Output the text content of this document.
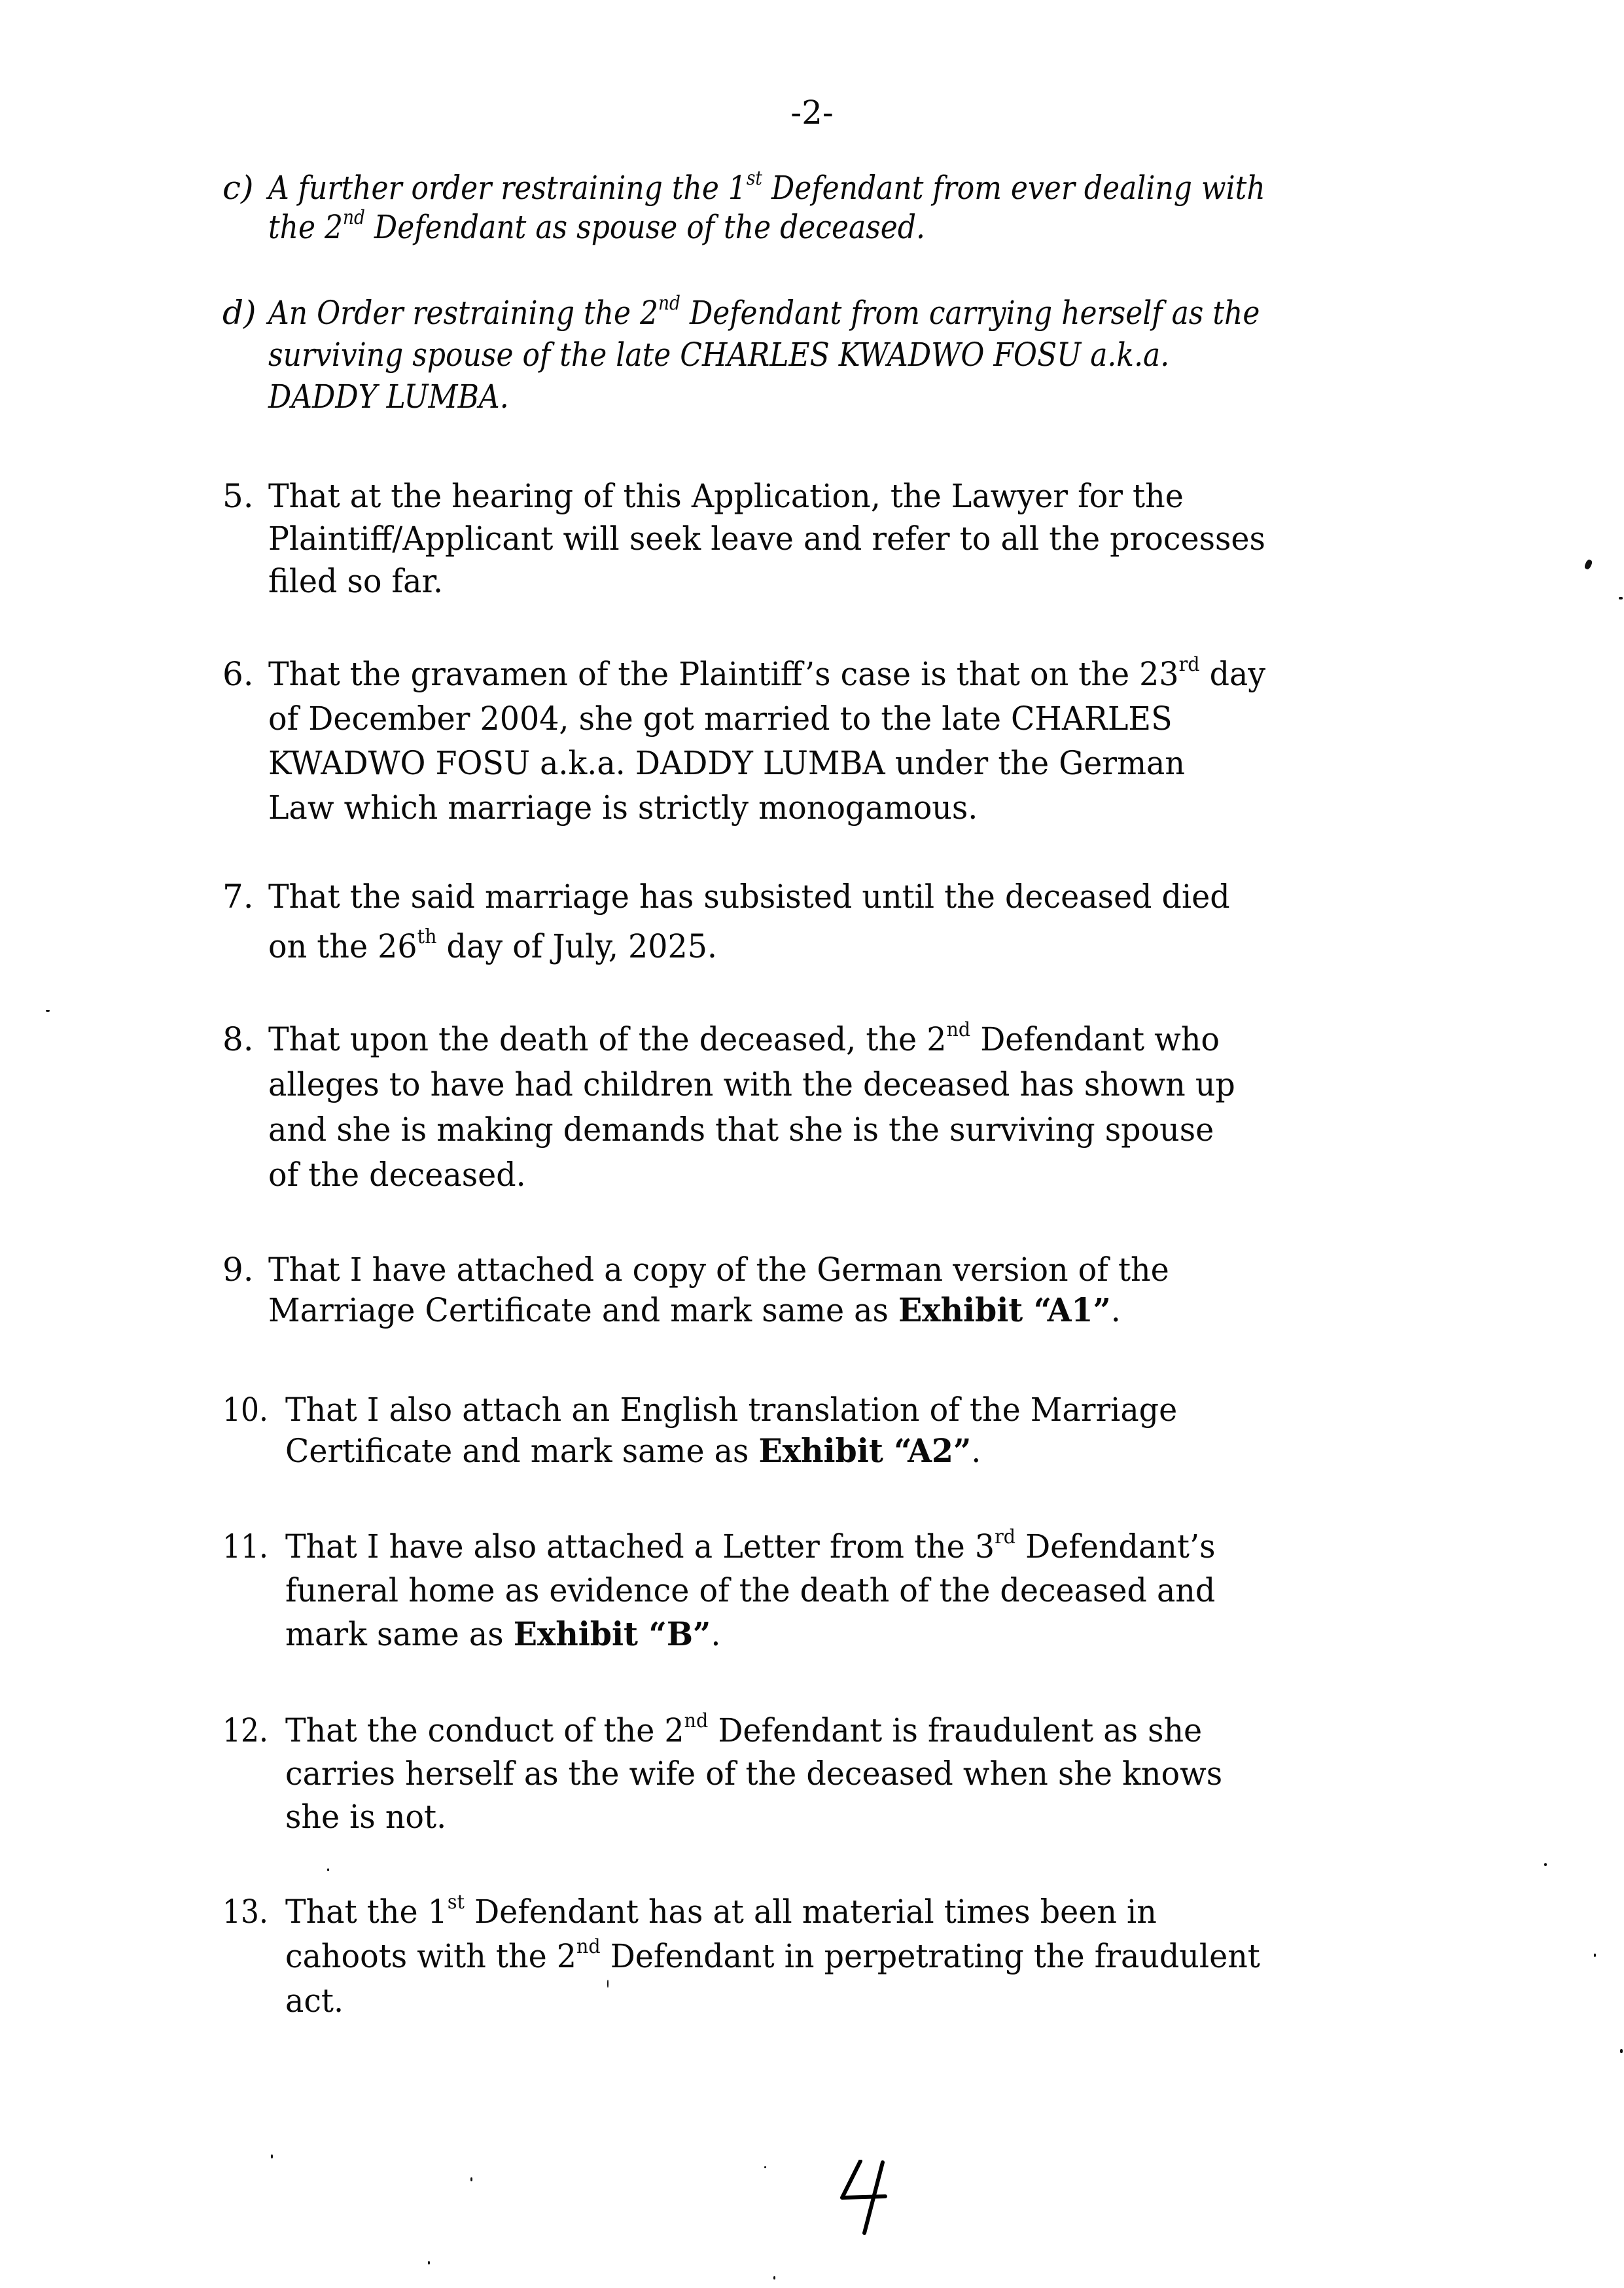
-2-
c) A further order restraining the 1st Defendant from ever dealing with
the 2nd Defendant as spouse of the deceased.
d) An Order restraining the 2nd Defendant from carrying herself as the
surviving spouse of the late CHARLES KWADWO FOSU a.k.a.
DADDY LUMBA.
5. That at the hearing of this Application, the Lawyer for the
Plaintiff/Applicant will seek leave and refer to all the processes
filed so far.
6. That the gravamen of the Plaintiff’s case is that on the 23rd day
of December 2004, she got married to the late CHARLES
KWADWO FOSU a.k.a. DADDY LUMBA under the German
Law which marriage is strictly monogamous.
7. That the said marriage has subsisted until the deceased died
on the 26th day of July, 2025.
8. That upon the death of the deceased, the 2nd Defendant who
alleges to have had children with the deceased has shown up
and she is making demands that she is the surviving spouse
of the deceased.
9. That I have attached a copy of the German version of the
Marriage Certificate and mark same as Exhibit “A1”.
10. That I also attach an English translation of the Marriage
Certificate and mark same as Exhibit “A2”.
11. That I have also attached a Letter from the 3rd Defendant’s
funeral home as evidence of the death of the deceased and
mark same as Exhibit “B”.
12. That the conduct of the 2nd Defendant is fraudulent as she
carries herself as the wife of the deceased when she knows
she is not.
13. That the 1st Defendant has at all material times been in
cahoots with the 2nd Defendant in perpetrating the fraudulent
act.
